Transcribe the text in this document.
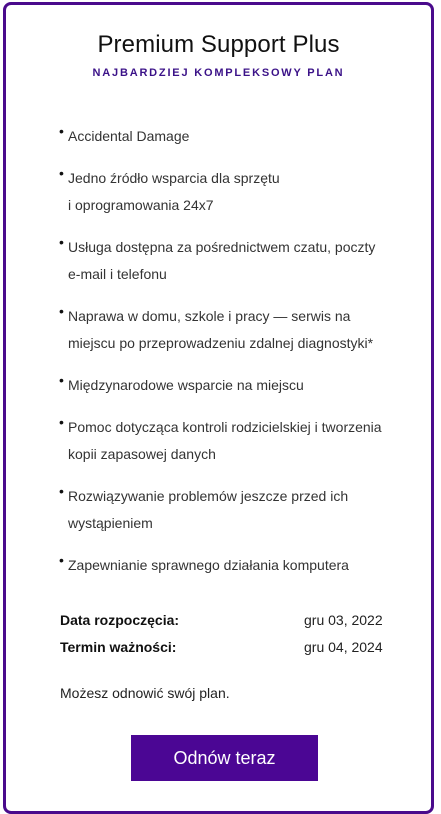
Premium Support Plus
NAJBARDZIEJ KOMPLEKSOWY PLAN
• Accidental Damage
• Jedno źródło wsparcia dla sprzętu
i oprogramowania 24x7
• Usługa dostępna za pośrednictwem czatu, poczty
e-mail i telefonu
• Naprawa w domu, szkole i pracy — serwis na
miejscu po przeprowadzeniu zdalnej diagnostyki*
• Międzynarodowe wsparcie na miejscu
• Pomoc dotycząca kontroli rodzicielskiej i tworzenia
kopii zapasowej danych
• Rozwiązywanie problemów jeszcze przed ich
wystąpieniem
• Zapewnianie sprawnego działania komputera
Data rozpoczęcia:	gru 03, 2022
Termin ważności:	gru 04, 2024
Możesz odnowić swój plan.
Odnów teraz
